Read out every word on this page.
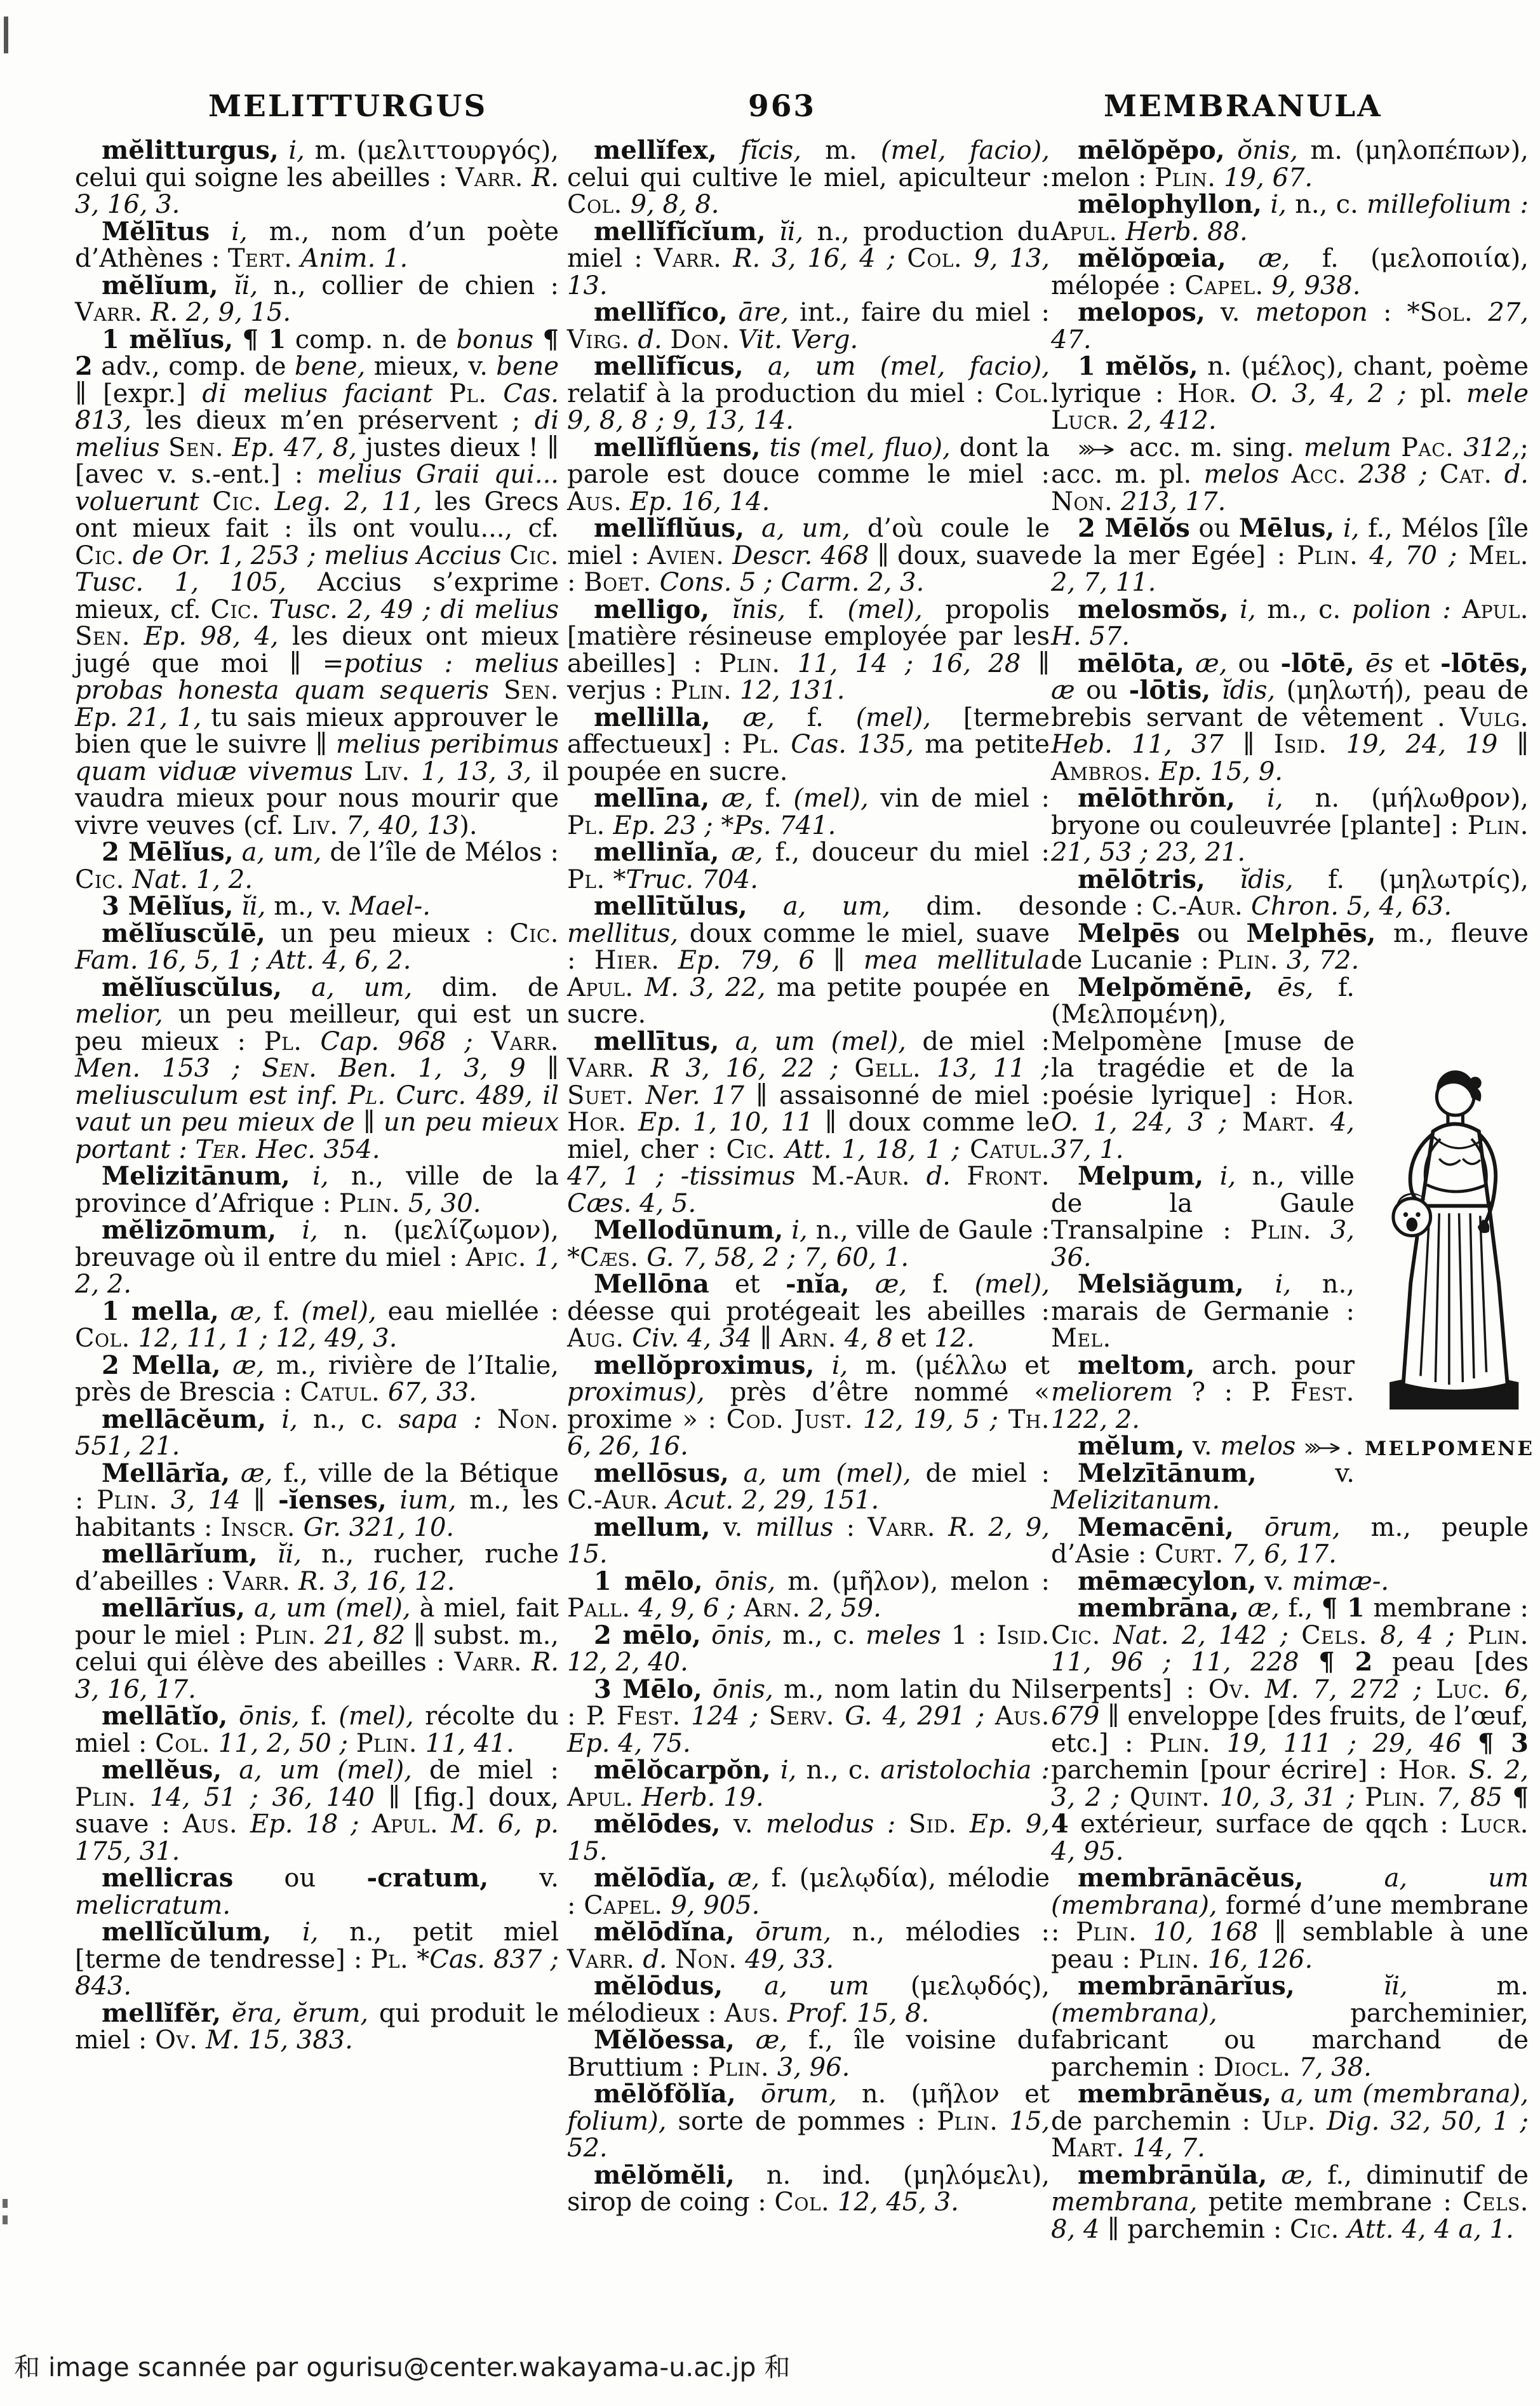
MELITTURGUS	963	MEMBRANULA

mĕlitturgus, i, m. (μελιττουργός), celui qui soigne les abeilles : Varr. R. 3, 16, 3.

Mĕlītus i, m., nom d’un poète d’Athènes : Tert. Anim. 1.

mĕlĭum, ĭi, n., collier de chien : Varr. R. 2, 9, 15.

1 mĕlĭus, ¶ 1 comp. n. de bonus ¶ 2 adv., comp. de bene, mieux, v. bene ∥ [expr.] di melius faciant Pl. Cas. 813, les dieux m’en préservent ; di melius Sen. Ep. 47, 8, justes dieux ! ∥ [avec v. s.-ent.] : melius Graii qui... voluerunt Cic. Leg. 2, 11, les Grecs ont mieux fait : ils ont voulu..., cf. Cic. de Or. 1, 253 ; melius Accius Cic. Tusc. 1, 105, Accius s’exprime mieux, cf. Cic. Tusc. 2, 49 ; di melius Sen. Ep. 98, 4, les dieux ont mieux jugé que moi ∥ =potius : melius probas honesta quam sequeris Sen. Ep. 21, 1, tu sais mieux approuver le bien que le suivre ∥ melius peribimus quam viduæ vivemus Liv. 1, 13, 3, il vaudra mieux pour nous mourir que vivre veuves (cf. Liv. 7, 40, 13).

2 Mēlĭus, a, um, de l’île de Mélos : Cic. Nat. 1, 2.

3 Mēlĭus, ĭi, m., v. Mael-.

mĕlĭuscŭlē, un peu mieux : Cic. Fam. 16, 5, 1 ; Att. 4, 6, 2.

mĕlĭuscŭlus, a, um, dim. de melior, un peu meilleur, qui est un peu mieux : Pl. Cap. 968 ; Varr. Men. 153 ; Sen. Ben. 1, 3, 9 ∥ meliusculum est inf. Pl. Curc. 489, il vaut un peu mieux de ∥ un peu mieux portant : Ter. Hec. 354.

Melizitānum, i, n., ville de la province d’Afrique : Plin. 5, 30.

mĕlizōmum, i, n. (μελίζωμον), breuvage où il entre du miel : Apic. 1, 2, 2.

1 mella, æ, f. (mel), eau miellée : Col. 12, 11, 1 ; 12, 49, 3.

2 Mella, æ, m., rivière de l’Italie, près de Brescia : Catul. 67, 33.

mellācĕum, i, n., c. sapa : Non. 551, 21.

Mellārĭa, æ, f., ville de la Bétique : Plin. 3, 14 ∥ -ĭenses, ium, m., les habitants : Inscr. Gr. 321, 10.

mellārĭum, ĭi, n., rucher, ruche d’abeilles : Varr. R. 3, 16, 12.

mellārĭus, a, um (mel), à miel, fait pour le miel : Plin. 21, 82 ∥ subst. m., celui qui élève des abeilles : Varr. R. 3, 16, 17.

mellātĭo, ōnis, f. (mel), récolte du miel : Col. 11, 2, 50 ; Plin. 11, 41.

mellĕus, a, um (mel), de miel : Plin. 14, 51 ; 36, 140 ∥ [fig.] doux, suave : Aus. Ep. 18 ; Apul. M. 6, p. 175, 31.

mellicras ou -cratum, v. melicratum.

mellĭcŭlum, i, n., petit miel [terme de tendresse] : Pl. *Cas. 837 ; 843.

mellĭfĕr, ĕra, ĕrum, qui produit le miel : Ov. M. 15, 383.

mellĭfex, fĭcis, m. (mel, facio), celui qui cultive le miel, apiculteur : Col. 9, 8, 8.

mellĭfĭcĭum, ĭi, n., production du miel : Varr. R. 3, 16, 4 ; Col. 9, 13, 13.

mellĭfĭco, āre, int., faire du miel : Virg. d. Don. Vit. Verg.

mellĭfĭcus, a, um (mel, facio), relatif à la production du miel : Col. 9, 8, 8 ; 9, 13, 14.

mellĭflŭens, tis (mel, fluo), dont la parole est douce comme le miel : Aus. Ep. 16, 14.

mellĭflŭus, a, um, d’où coule le miel : Avien. Descr. 468 ∥ doux, suave : Boet. Cons. 5 ; Carm. 2, 3.

melligo, ĭnis, f. (mel), propolis [matière résineuse employée par les abeilles] : Plin. 11, 14 ; 16, 28 ∥ verjus : Plin. 12, 131.

mellilla, æ, f. (mel), [terme affectueux] : Pl. Cas. 135, ma petite poupée en sucre.

mellīna, æ, f. (mel), vin de miel : Pl. Ep. 23 ; *Ps. 741.

mellinĭa, æ, f., douceur du miel : Pl. *Truc. 704.

mellītŭlus, a, um, dim. de mellitus, doux comme le miel, suave : Hier. Ep. 79, 6 ∥ mea mellitula Apul. M. 3, 22, ma petite poupée en sucre.

mellītus, a, um (mel), de miel : Varr. R 3, 16, 22 ; Gell. 13, 11 ; Suet. Ner. 17 ∥ assaisonné de miel : Hor. Ep. 1, 10, 11 ∥ doux comme le miel, cher : Cic. Att. 1, 18, 1 ; Catul. 47, 1 ; -tissimus M.-Aur. d. Front. Cæs. 4, 5.

Mellodūnum, i, n., ville de Gaule : *Cæs. G. 7, 58, 2 ; 7, 60, 1.

Mellōna et -nĭa, æ, f. (mel), déesse qui protégeait les abeilles : Aug. Civ. 4, 34 ∥ Arn. 4, 8 et 12.

mellŏproximus, i, m. (μέλλω et proximus), près d’être nommé « proxime » : Cod. Just. 12, 19, 5 ; Th. 6, 26, 16.

mellōsus, a, um (mel), de miel : C.-Aur. Acut. 2, 29, 151.

mellum, v. millus : Varr. R. 2, 9, 15.

1 mēlo, ōnis, m. (μῆλον), melon : Pall. 4, 9, 6 ; Arn. 2, 59.

2 mēlo, ōnis, m., c. meles 1 : Isid. 12, 2, 40.

3 Mēlo, ōnis, m., nom latin du Nil : P. Fest. 124 ; Serv. G. 4, 291 ; Aus. Ep. 4, 75.

mēlŏcarpŏn, i, n., c. aristolochia : Apul. Herb. 19.

mĕlōdes, v. melodus : Sid. Ep. 9, 15.

mĕlōdĭa, æ, f. (μελῳδία), mélodie : Capel. 9, 905.

mĕlōdĭna, ōrum, n., mélodies : Varr. d. Non. 49, 33.

mĕlōdus, a, um (μελῳδός), mélodieux : Aus. Prof. 15, 8.

Mĕlŏessa, æ, f., île voisine du Bruttium : Plin. 3, 96.

mēlŏfŏlĭa, ōrum, n. (μῆλον et folium), sorte de pommes : Plin. 15, 52.

mēlŏmĕli, n. ind. (μηλόμελι), sirop de coing : Col. 12, 45, 3.

mēlŏpĕpo, ŏnis, m. (μηλοπέπων), melon : Plin. 19, 67.

mēlophyllon, i, n., c. millefolium : Apul. Herb. 88.

mĕlŏpœia, æ, f. (μελοποιία), mélopée : Capel. 9, 938.

melopos, v. metopon : *Sol. 27, 47.

1 mĕlŏs, n. (μέλος), chant, poème lyrique : Hor. O. 3, 4, 2 ; pl. mele Lucr. 2, 412.

acc. m. sing. melum Pac. 312,; acc. m. pl. melos Acc. 238 ; Cat. d. Non. 213, 17.

2 Mēlŏs ou Mēlus, i, f., Mélos [île de la mer Egée] : Plin. 4, 70 ; Mel. 2, 7, 11.

melosmŏs, i, m., c. polion : Apul. H. 57.

mēlōta, æ, ou -lōtē, ēs et -lōtēs, æ ou -lōtis, ĭdis, (μηλωτή), peau de brebis servant de vêtement . Vulg. Heb. 11, 37 ∥ Isid. 19, 24, 19 ∥ Ambros. Ep. 15, 9.

mēlōthrŏn, i, n. (μήλωθρον), bryone ou couleuvrée [plante] : Plin. 21, 53 ; 23, 21.

mēlōtris, ĭdis, f. (μηλωτρίς), sonde : C.-Aur. Chron. 5, 4, 63.

Melpēs ou Melphēs, m., fleuve de Lucanie : Plin. 3, 72.

MELPOMENE

Melpŏmĕnē, ēs, f. (Μελπομένη), Melpomène [muse de la tragédie et de la poésie lyrique] : Hor. O. 1, 24, 3 ; Mart. 4, 37, 1.

Melpum, i, n., ville de la Gaule Transalpine : Plin. 3, 36.

Melsiăgum, i, n., marais de Germanie : Mel.

meltom, arch. pour meliorem ? : P. Fest. 122, 2.

mĕlum, v. melos .

Melzītānum, v. Melizitanum.

Memacēni, ōrum, m., peuple d’Asie : Curt. 7, 6, 17.

mēmæcylon, v. mimæ-.

membrāna, æ, f., ¶ 1 membrane : Cic. Nat. 2, 142 ; Cels. 8, 4 ; Plin. 11, 96 ; 11, 228 ¶ 2 peau [des serpents] : Ov. M. 7, 272 ; Luc. 6, 679 ∥ enveloppe [des fruits, de l’œuf, etc.] : Plin. 19, 111 ; 29, 46 ¶ 3 parchemin [pour écrire] : Hor. S. 2, 3, 2 ; Quint. 10, 3, 31 ; Plin. 7, 85 ¶ 4 extérieur, surface de qqch : Lucr. 4, 95.

membrānācĕus,	a, um (membrana), formé d’une membrane : Plin. 10, 168 ∥ semblable à une peau : Plin. 16, 126.

membrānārĭus,	ĭi, m. (membrana), parcheminier, fabricant ou marchand de parchemin : Diocl. 7, 38.

membrānĕus, a, um (membrana), de parchemin : Ulp. Dig. 32, 50, 1 ; Mart. 14, 7.

membrānŭla, æ, f., diminutif de membrana, petite membrane : Cels. 8, 4 ∥ parchemin : Cic. Att. 4, 4 a, 1.

和 image scannée par ogurisu@center.wakayama-u.ac.jp 和
